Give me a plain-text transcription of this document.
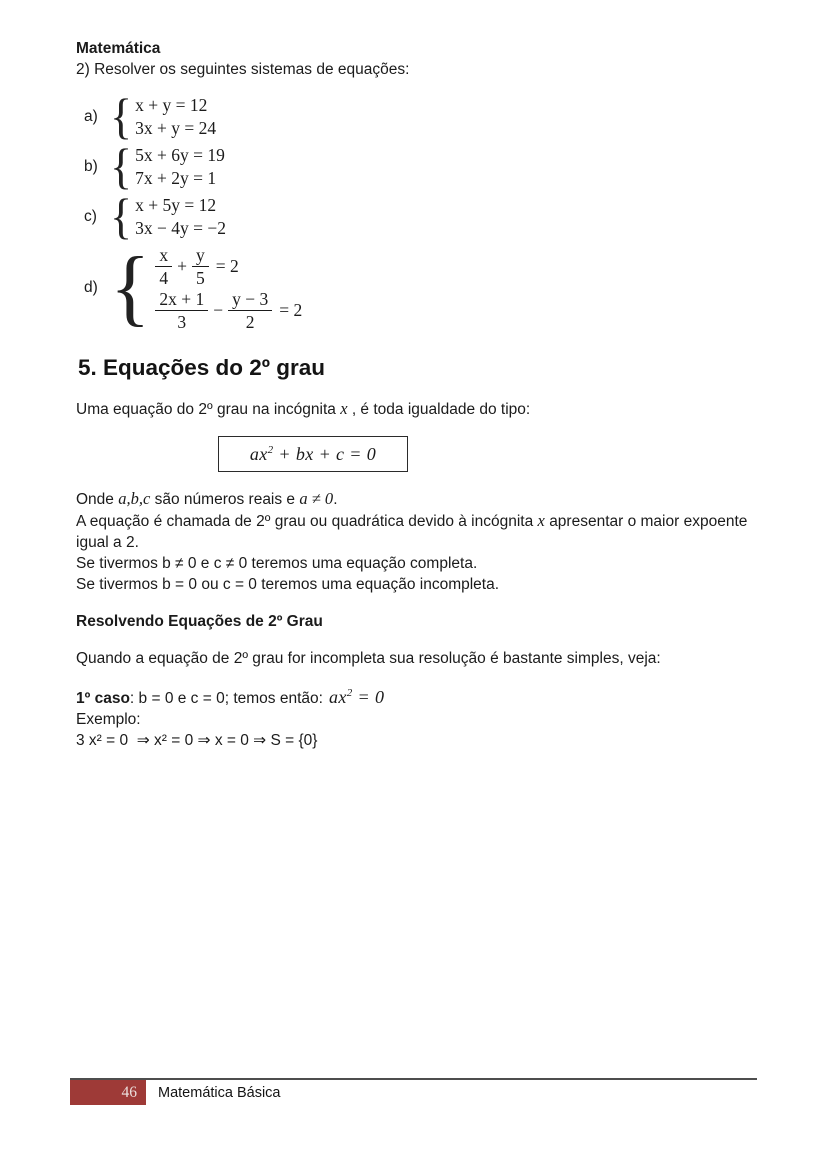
Matemática

2) Resolver os seguintes sistemas de equações:

a) { x + y = 12
3x + y = 24
b) { 5x + 6y = 19
7x + 2y = 1
c) { x + 5y = 12
3x − 4y = −2
d) { $\frac{x}{4} + \frac{y}{5} = 2$
$\frac{2x + 1}{3} - \frac{y - 3}{2} = 2$
5. Equações do 2º grau

Uma equação do 2º grau na incógnita x , é toda igualdade do tipo:

$ax^2$ + bx + c = 0

Onde a,b,c são números reais e a ≠ 0.

A equação é chamada de 2º grau ou quadrática devido à incógnita x apresentar o maior expoente igual a 2.

Se tivermos b ≠ 0 e c ≠ 0 teremos uma equação completa.

Se tivermos b = 0 ou c = 0 teremos uma equação incompleta.

Resolvendo Equações de 2º Grau

Quando a equação de 2º grau for incompleta sua resolução é bastante simples, veja:

1º caso: b = 0 e c = 0; temos então: $ax^2 = 0$

Exemplo:

3 x² = 0  ⇒ x² = 0 ⇒ x = 0 ⇒ S = {0}

46 Matemática Básica
